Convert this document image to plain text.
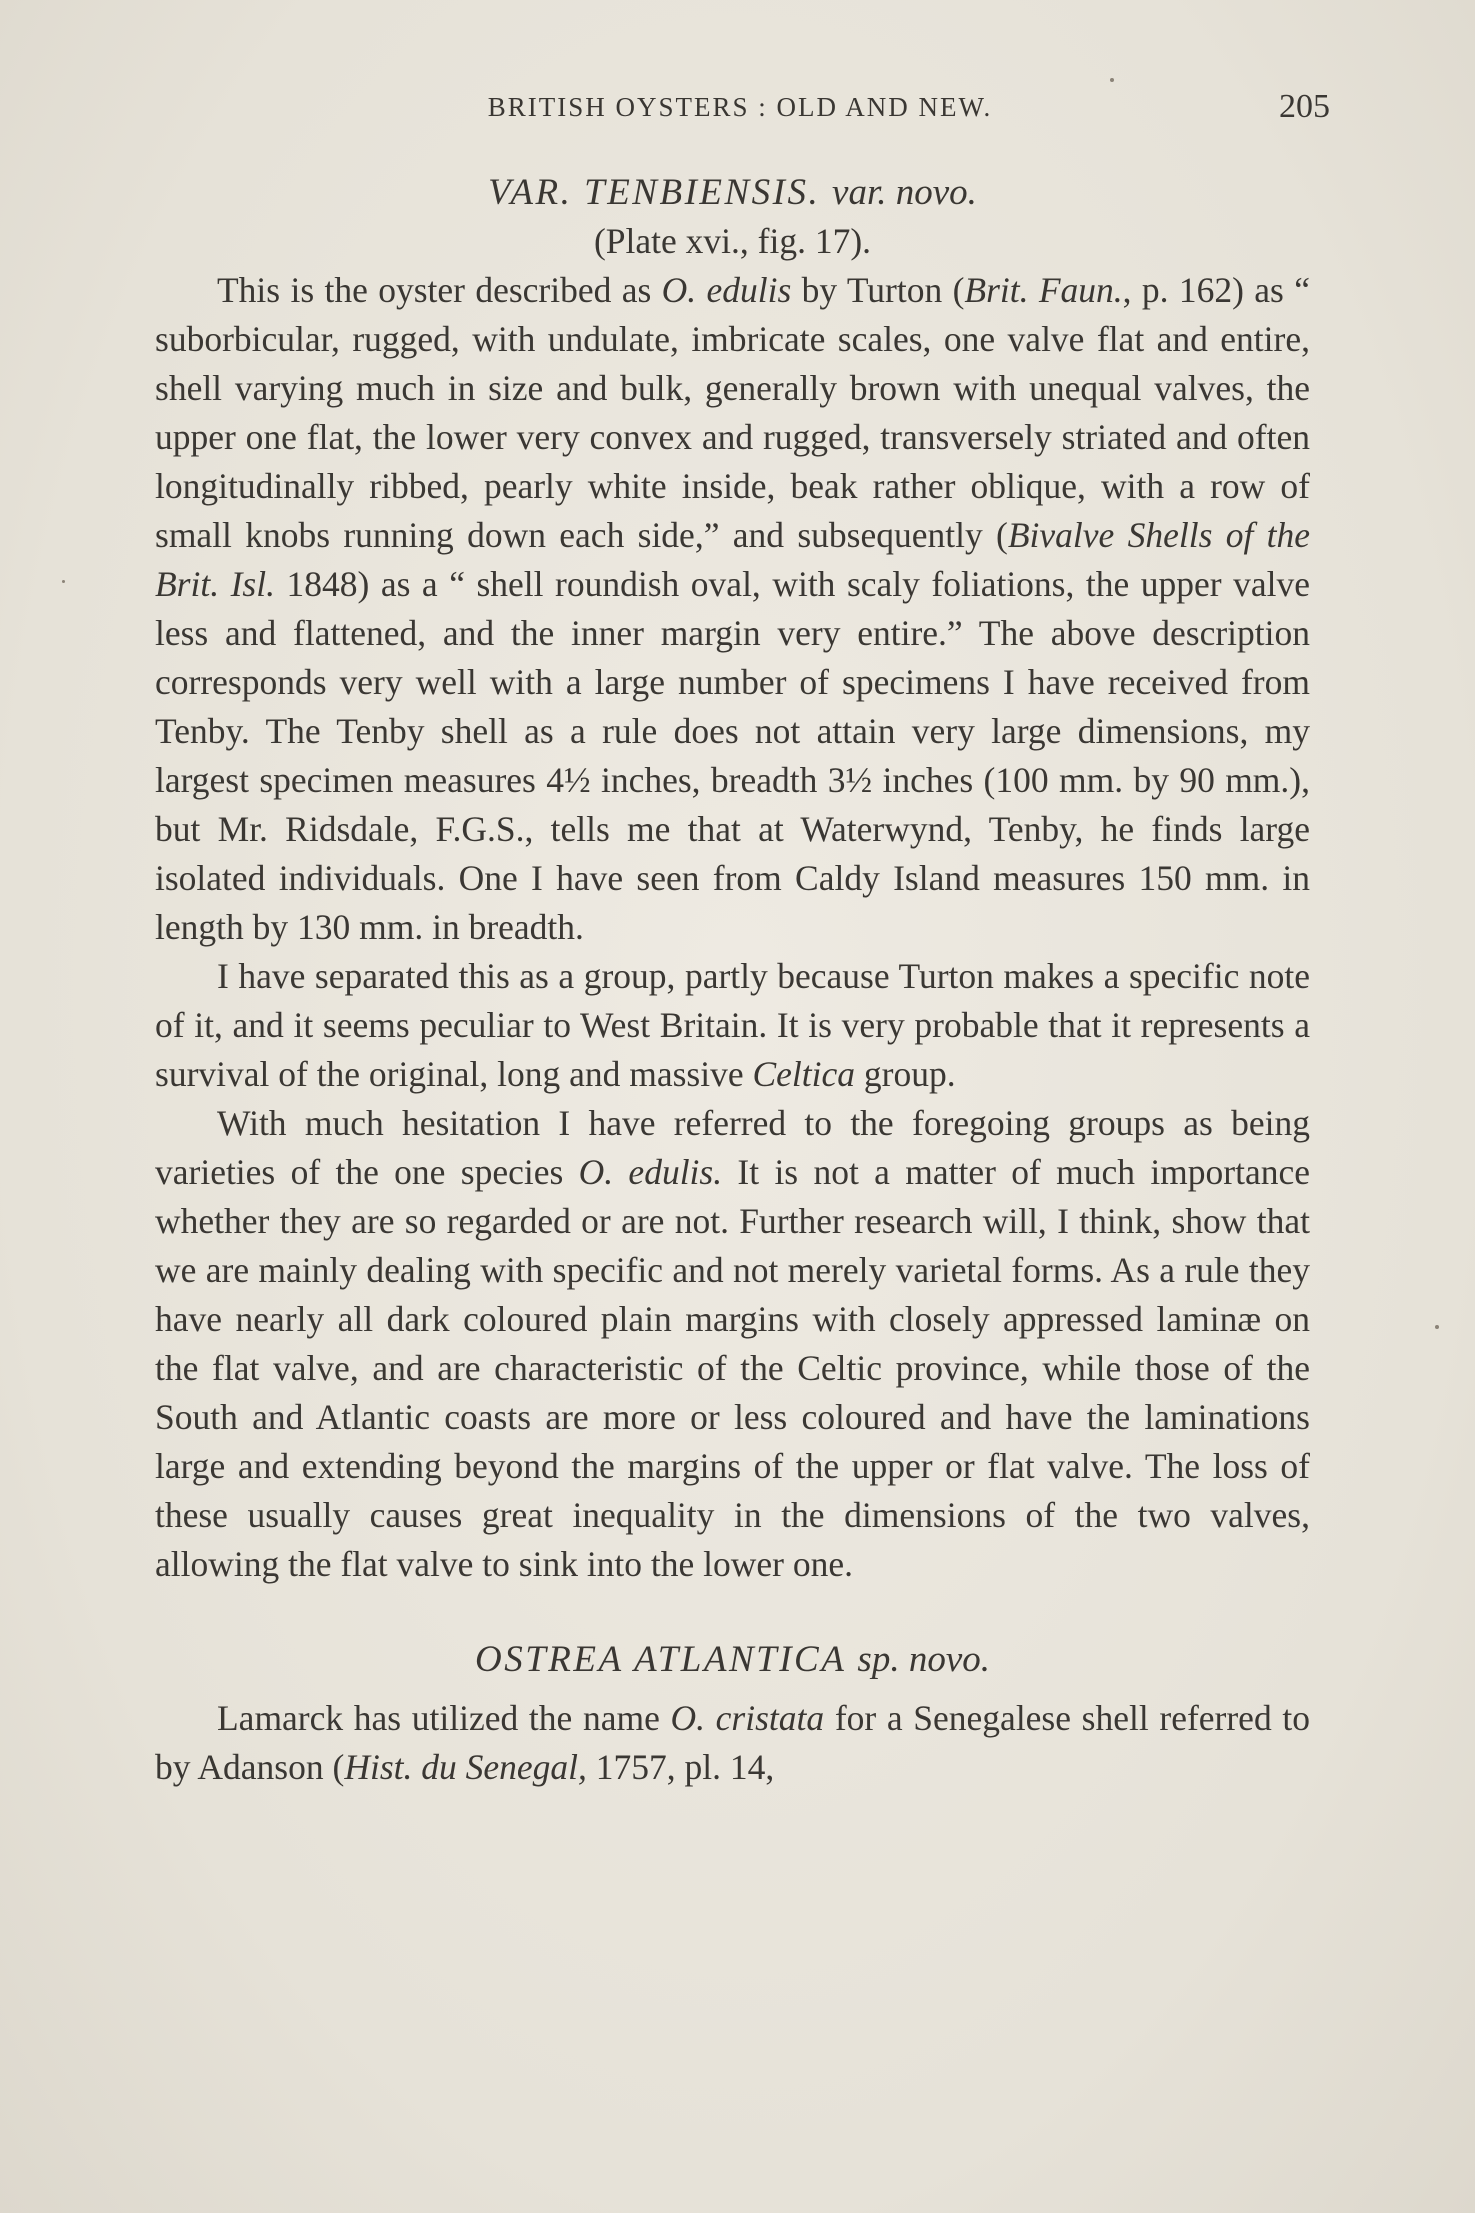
BRITISH OYSTERS : OLD AND NEW.	205
VAR. TENBIENSIS. var. novo.
(Plate xvi., fig. 17).

This is the oyster described as O. edulis by Turton (Brit. Faun., p. 162) as “ suborbicular, rugged, with undulate, imbricate scales, one valve flat and entire, shell varying much in size and bulk, generally brown with unequal valves, the upper one flat, the lower very convex and rugged, transversely striated and often longitudinally ribbed, pearly white inside, beak rather oblique, with a row of small knobs running down each side,” and subsequently (Bivalve Shells of the Brit. Isl. 1848) as a “ shell roundish oval, with scaly foliations, the upper valve less and flattened, and the inner margin very entire.” The above description corresponds very well with a large number of specimens I have received from Tenby. The Tenby shell as a rule does not attain very large dimensions, my largest specimen measures 4½ inches, breadth 3½ inches (100 mm. by 90 mm.), but Mr. Ridsdale, F.G.S., tells me that at Waterwynd, Tenby, he finds large isolated individuals. One I have seen from Caldy Island measures 150 mm. in length by 130 mm. in breadth.

I have separated this as a group, partly because Turton makes a specific note of it, and it seems peculiar to West Britain. It is very probable that it represents a survival of the original, long and massive Celtica group.

With much hesitation I have referred to the foregoing groups as being varieties of the one species O. edulis. It is not a matter of much importance whether they are so regarded or are not. Further research will, I think, show that we are mainly dealing with specific and not merely varietal forms. As a rule they have nearly all dark coloured plain margins with closely appressed laminæ on the flat valve, and are characteristic of the Celtic province, while those of the South and Atlantic coasts are more or less coloured and have the laminations large and extending beyond the margins of the upper or flat valve. The loss of these usually causes great inequality in the dimensions of the two valves, allowing the flat valve to sink into the lower one.

OSTREA ATLANTICA sp. novo.

Lamarck has utilized the name O. cristata for a Senegalese shell referred to by Adanson (Hist. du Senegal, 1757, pl. 14,
